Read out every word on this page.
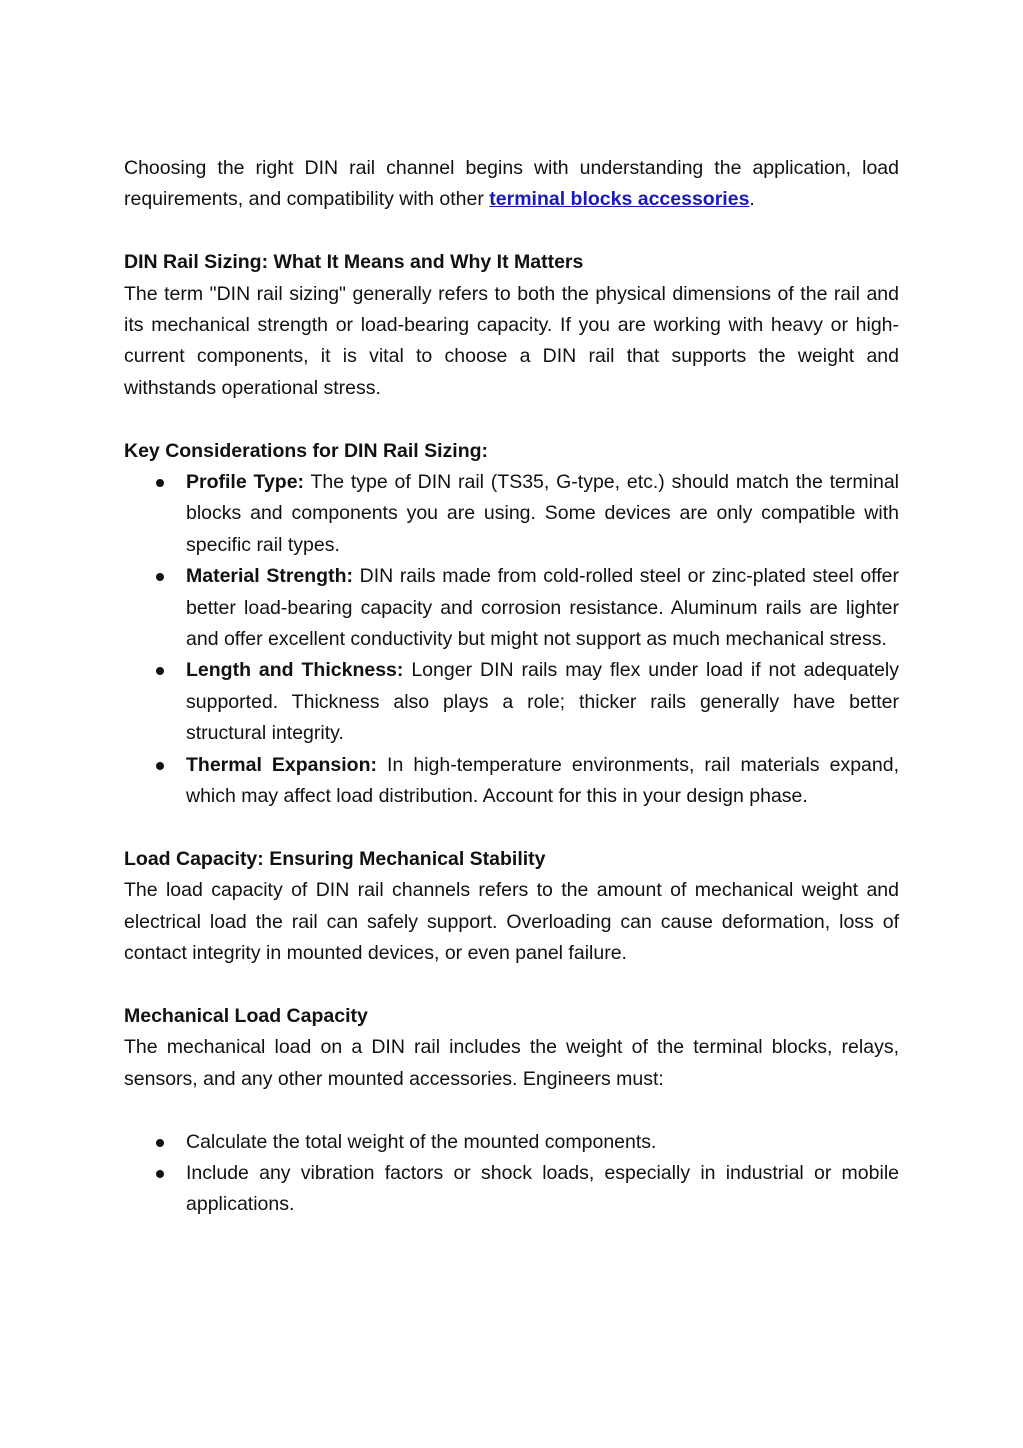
Choosing the right DIN rail channel begins with understanding the application, load requirements, and compatibility with other terminal blocks accessories.

DIN Rail Sizing: What It Means and Why It Matters

The term "DIN rail sizing" generally refers to both the physical dimensions of the rail and its mechanical strength or load-bearing capacity. If you are working with heavy or high-current components, it is vital to choose a DIN rail that supports the weight and withstands operational stress.

Key Considerations for DIN Rail Sizing:

Profile Type: The type of DIN rail (TS35, G-type, etc.) should match the terminal blocks and components you are using. Some devices are only compatible with specific rail types.
Material Strength: DIN rails made from cold-rolled steel or zinc-plated steel offer better load-bearing capacity and corrosion resistance. Aluminum rails are lighter and offer excellent conductivity but might not support as much mechanical stress.
Length and Thickness: Longer DIN rails may flex under load if not adequately supported. Thickness also plays a role; thicker rails generally have better structural integrity.
Thermal Expansion: In high-temperature environments, rail materials expand, which may affect load distribution. Account for this in your design phase.

Load Capacity: Ensuring Mechanical Stability

The load capacity of DIN rail channels refers to the amount of mechanical weight and electrical load the rail can safely support. Overloading can cause deformation, loss of contact integrity in mounted devices, or even panel failure.

Mechanical Load Capacity

The mechanical load on a DIN rail includes the weight of the terminal blocks, relays, sensors, and any other mounted accessories. Engineers must:

Calculate the total weight of the mounted components.
Include any vibration factors or shock loads, especially in industrial or mobile applications.
